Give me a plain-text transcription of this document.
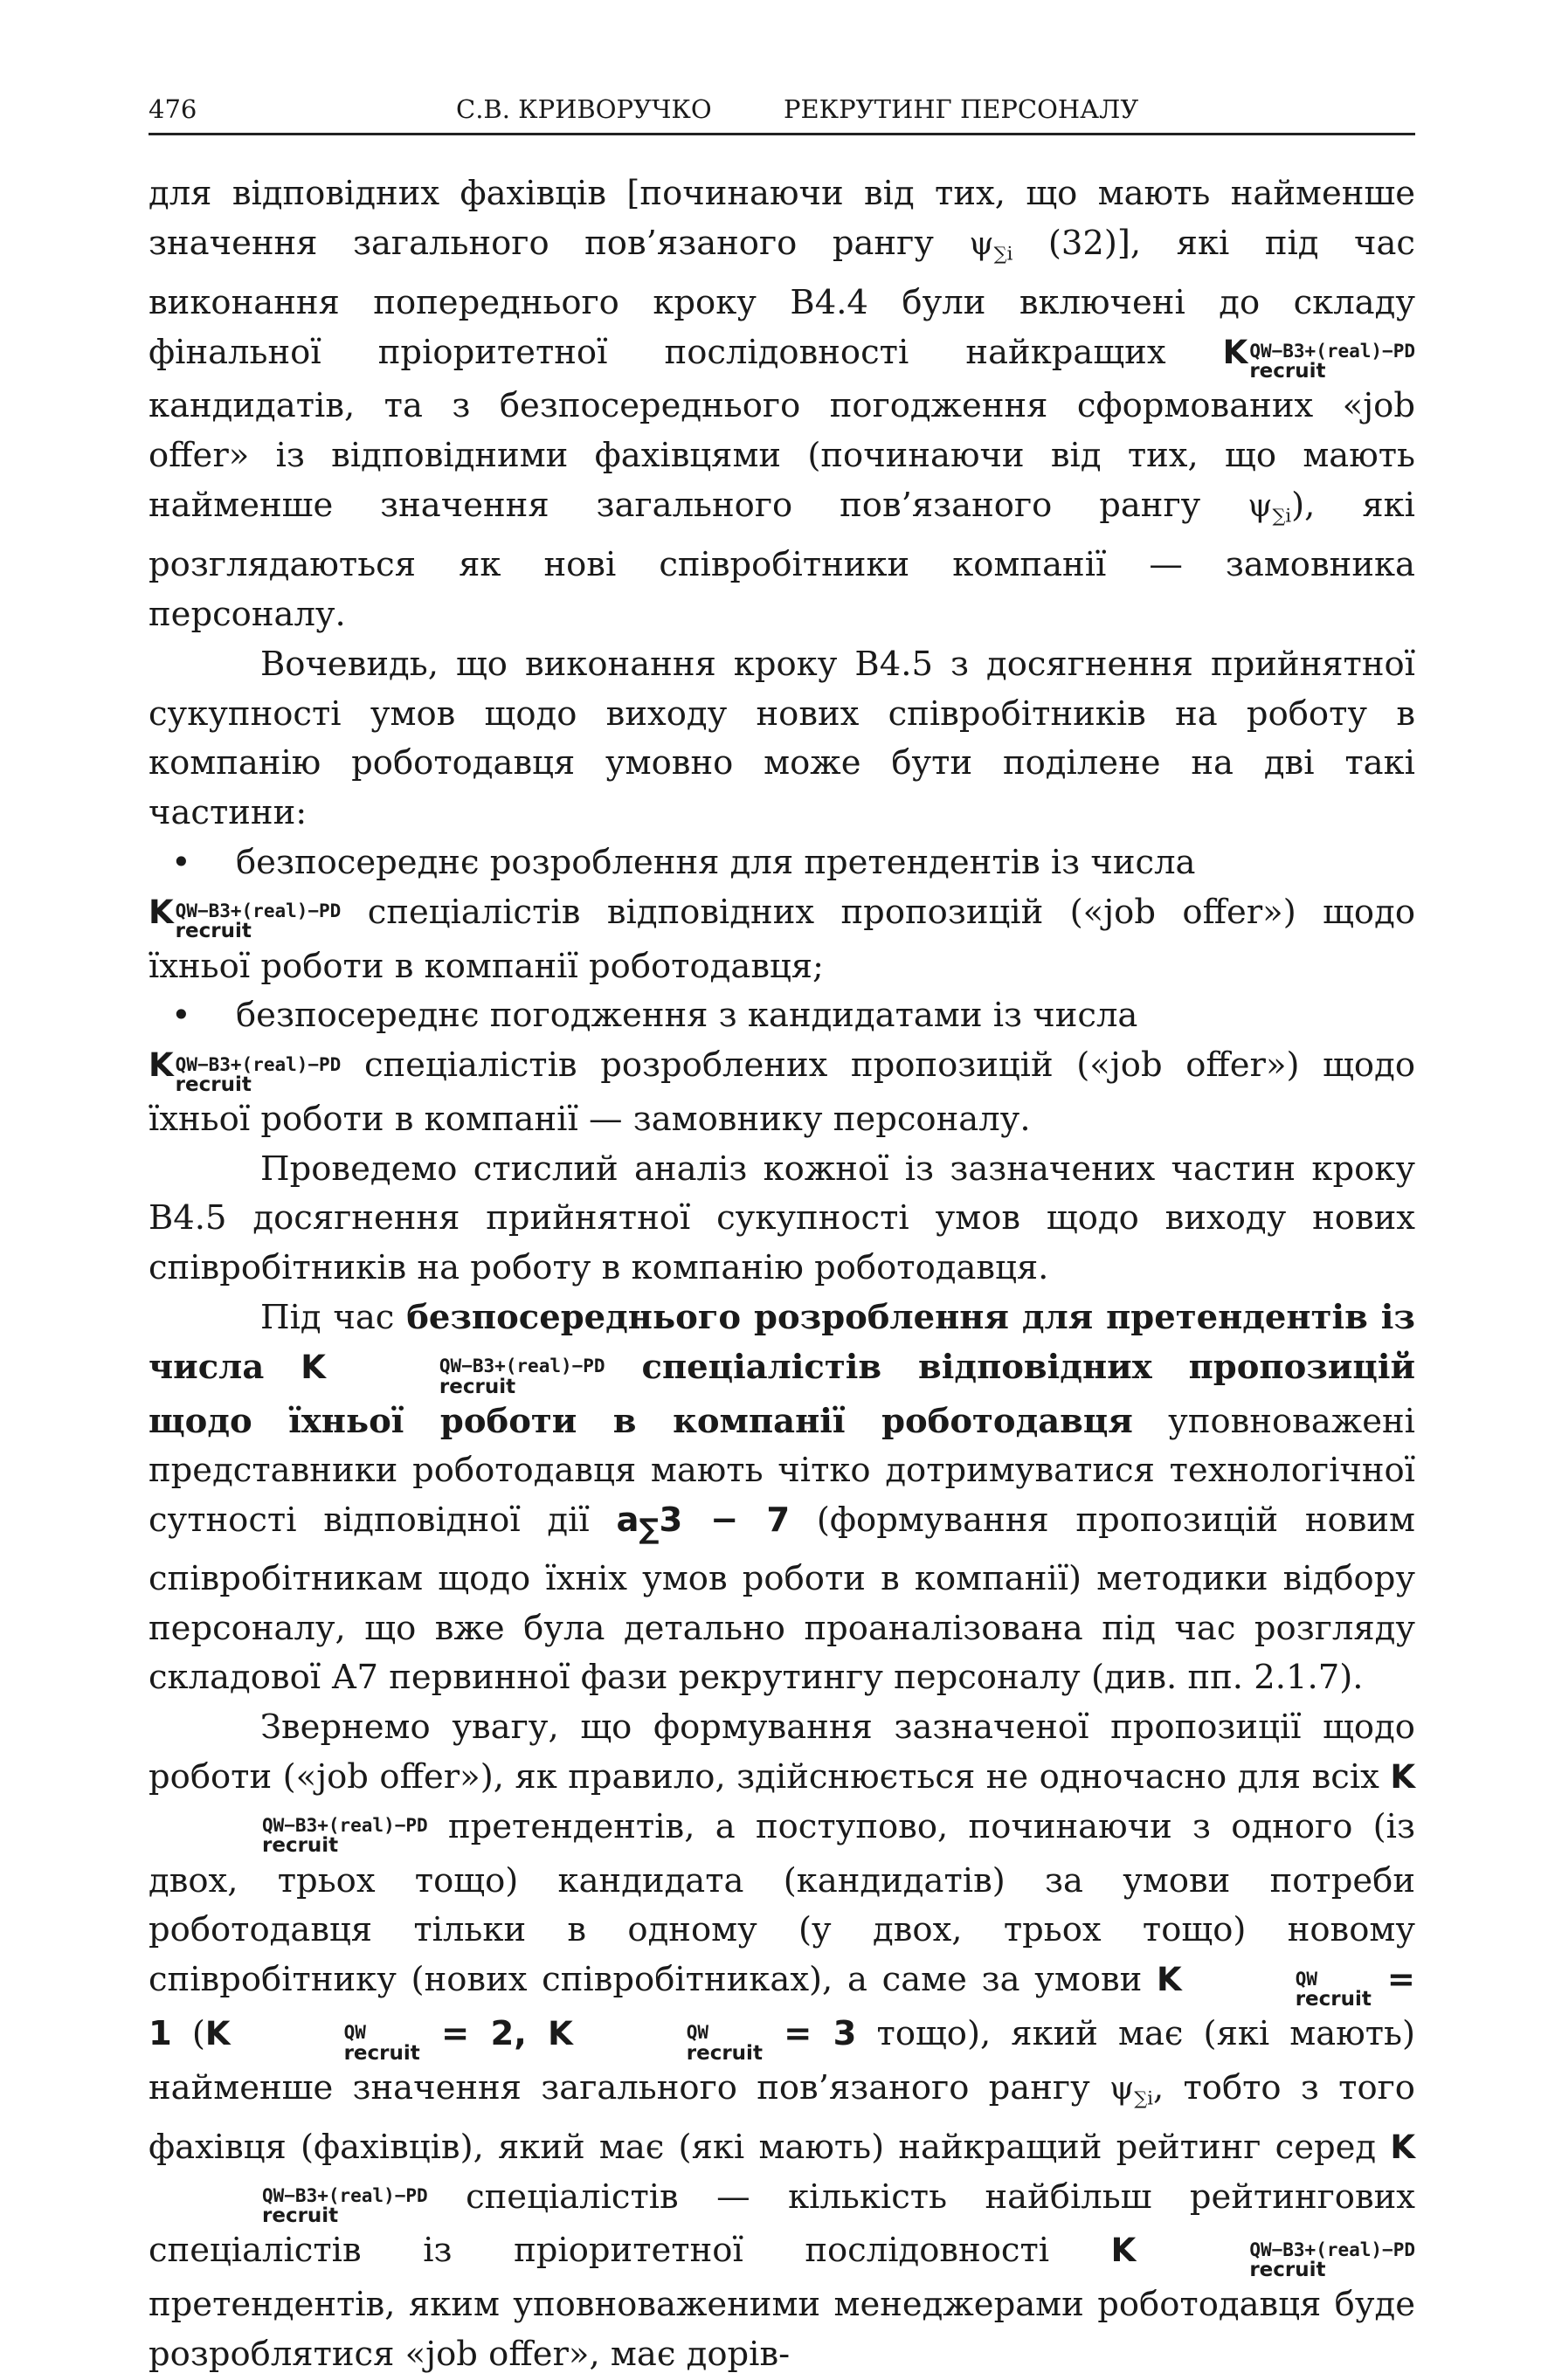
476	С.В. КРИВОРУЧКО	РЕКРУТИНГ ПЕРСОНАЛУ

для відповідних фахівців [починаючи від тих, що мають найменше значення загального пов’язаного рангу $\psi_{\sum i}$ (32)], які під час виконання попереднього кроку В4.4 були включені до складу фінальної пріоритетної послідовності найкращих K QW−B3+(real)−PD
recruit
кандидатів, та з безпосереднього погодження сформованих «job offer» із відповідними фахівцями (починаючи від тих, що мають найменше значення загального пов’язаного рангу $\psi_{\sum i}$), які розглядаються як нові співробітники компанії — замовника персоналу.

Вочевидь, що виконання кроку В4.5 з досягнення прийнятної сукупності умов щодо виходу нових співробітників на роботу в компанію роботодавця умовно може бути поділене на дві такі частини:

• безпосереднє розроблення для претендентів із числа
K QW−B3+(real)−PD
recruit	спеціалістів відповідних пропозицій («job offer») щодо їхньої роботи в компанії роботодавця;

• безпосереднє погодження з кандидатами із числа
K QW−B3+(real)−PD
recruit	спеціалістів розроблених пропозицій («job offer») щодо їхньої роботи в компанії — замовнику персоналу.

Проведемо стислий аналіз кожної із зазначених частин кроку В4.5 досягнення прийнятної сукупності умов щодо виходу нових співробітників на роботу в компанію роботодавця.

Під час безпосереднього розроблення для претендентів із числа K	QW−B3+(real)−PD
recruit	спеціалістів відповідних пропозицій щодо їхньої роботи в компанії роботодавця уповноважені представники роботодавця мають чітко дотримуватися технологічної сутності відповідної дії $a_\sum 3 - 7$ (формування пропозицій новим співробітникам щодо їхніх умов роботи в компанії) методики відбору персоналу, що вже була детально проаналізована під час розгляду складової А7 первинної фази рекрутингу персоналу (див. пп. 2.1.7).

Звернемо увагу, що формування зазначеної пропозиції щодо роботи («job offer»), як правило, здійснюється не одночасно для всіх K
QW−B3+(real)−PD
recruit	претендентів, а поступово, починаючи з одного (із двох, трьох тощо) кандидата (кандидатів) за умови потреби роботодавця тільки в одному (у двох, трьох тощо) новому співробітнику (нових співробітниках), а саме за умови K	QW
recruit = 1 (K	QW
recruit = 2, K	QW
recruit = 3 тощо), який має (які мають) найменше значення загального пов’язаного рангу $\psi_{\sum i}$, тобто з того фахівця (фахівців), який має (які мають) найкращий рейтинг серед K
QW−B3+(real)−PD
recruit	спеціалістів — кількість найбільш рейтингових спеціалістів із пріоритетної послідовності K	QW−B3+(real)−PD
recruit
претендентів, яким уповноваженими менеджерами роботодавця буде розроблятися «job offer», має дорів-
